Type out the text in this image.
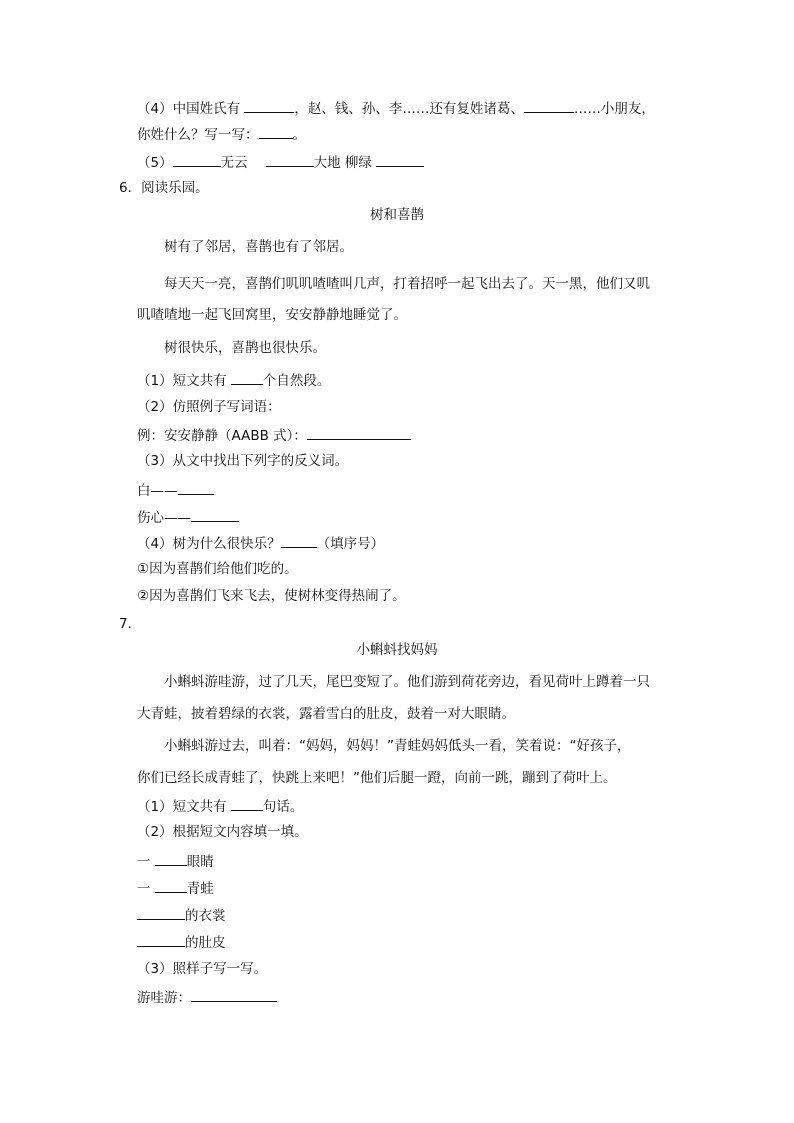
（4）中国姓氏有	，赵、钱、孙、李……还有复姓诸葛、	……小朋友，
你姓什么？写一写：	。
（5）	无云	大地 柳绿
6．阅读乐园。
树和喜鹊
树有了邻居，喜鹊也有了邻居。
每天天一亮，喜鹊们叽叽喳喳叫几声，打着招呼一起飞出去了。天一黑，他们又叽
叽喳喳地一起飞回窝里，安安静静地睡觉了。
树很快乐，喜鹊也很快乐。
（1）短文共有 个自然段。
（2）仿照例子写词语：
例：安安静静（AABB 式）：
（3）从文中找出下列字的反义词。
白——
伤心——
（4）树为什么很快乐？	（填序号）
①因为喜鹊们给他们吃的。
②因为喜鹊们飞来飞去，使树林变得热闹了。
7．
小蝌蚪找妈妈
小蝌蚪游哇游，过了几天，尾巴变短了。他们游到荷花旁边，看见荷叶上蹲着一只
大青蛙，披着碧绿的衣裳，露着雪白的肚皮，鼓着一对大眼睛。
小蝌蚪游过去，叫着：“妈妈，妈妈！”青蛙妈妈低头一看，笑着说：“好孩子，
你们已经长成青蛙了，快跳上来吧！”他们后腿一蹬，向前一跳，蹦到了荷叶上。
（1）短文共有 句话。
（2）根据短文内容填一填。
一 眼睛
一 青蛙
的衣裳
的肚皮
（3）照样子写一写。
游哇游：
